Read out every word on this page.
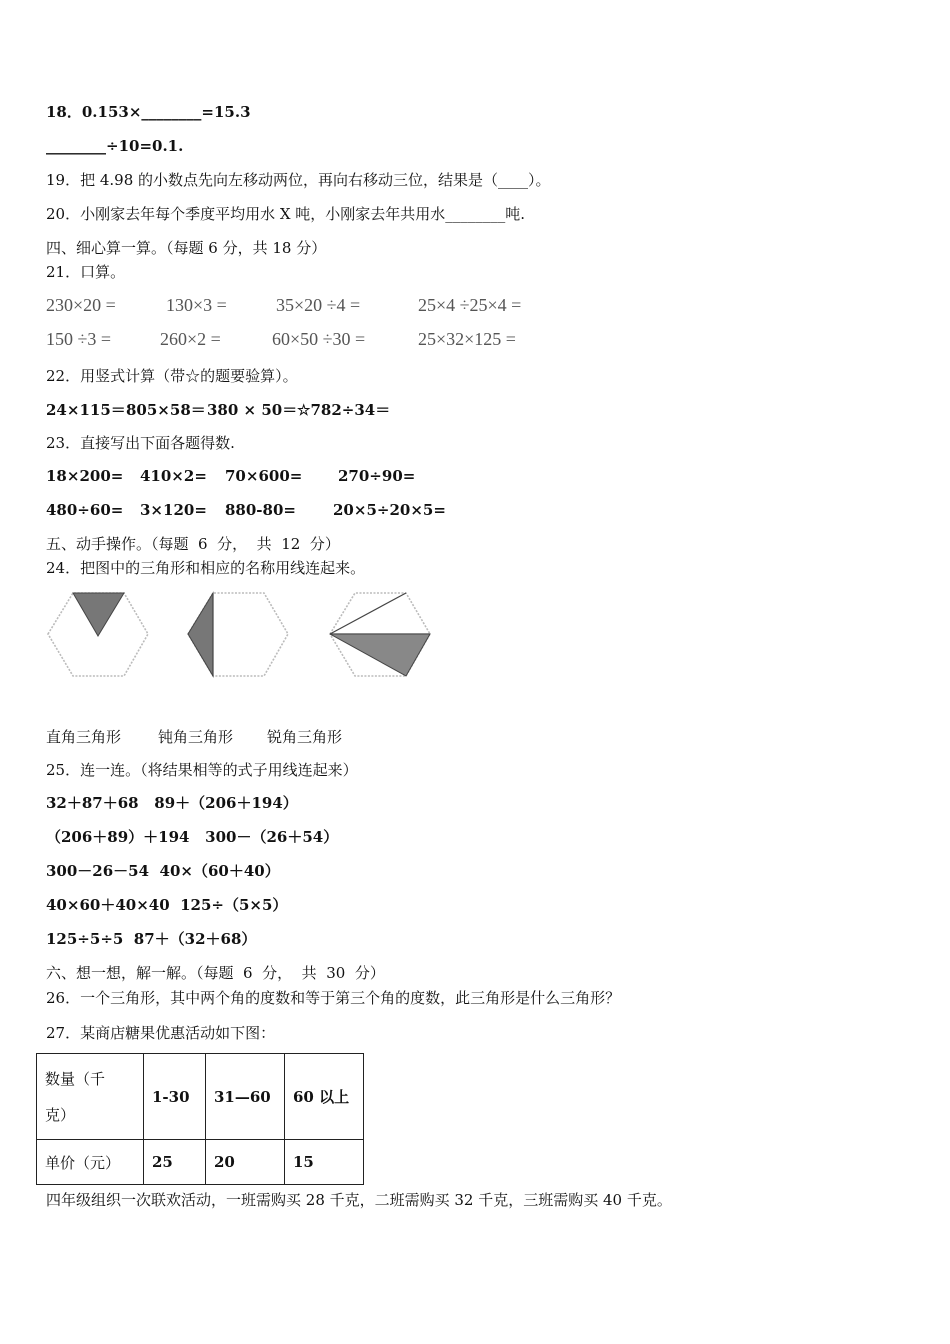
18．0.153×________=15.3
________÷10=0.1.
19．把 4.98 的小数点先向左移动两位，再向右移动三位，结果是（____）。
20．小刚家去年每个季度平均用水 X 吨，小刚家去年共用水________吨.
四、细心算一算。（每题 6 分，共 18 分）
21．口算。
230×20 =	130×3 =	35×20 ÷4 =	25×4 ÷25×4 =
150 ÷3 =	260×2 =	60×50 ÷30 =	25×32×125 =
22．用竖式计算（带☆的题要验算）。
24×115＝ 805×58＝ 380 × 50＝ ☆782÷34＝
23．直接写出下面各题得数.
18×200= 410×2= 70×600= 270÷90=
480÷60= 3×120= 880-80= 20×5÷20×5=
五、动手操作。（每题  6  分，  共  12  分）
24．把图中的三角形和相应的名称用线连起来。
直角三角形 钝角三角形 锐角三角形
25．连一连。（将结果相等的式子用线连起来）
32＋87＋68   89＋（206＋194）
（206＋89）＋194   300－（26＋54）
300－26－54  40×（60＋40）
40×60＋40×40  125÷（5×5）
125÷5÷5  87＋（32＋68）
六、想一想，解一解。（每题  6  分，  共  30  分）
26．一个三角形，其中两个角的度数和等于第三个角的度数，此三角形是什么三角形？
27．某商店糖果优惠活动如下图：
数量（千
克）	1-30	31—60	60 以上
单价（元）	25	20	15
四年级组织一次联欢活动，一班需购买 28 千克，二班需购买 32 千克，三班需购买 40 千克。
